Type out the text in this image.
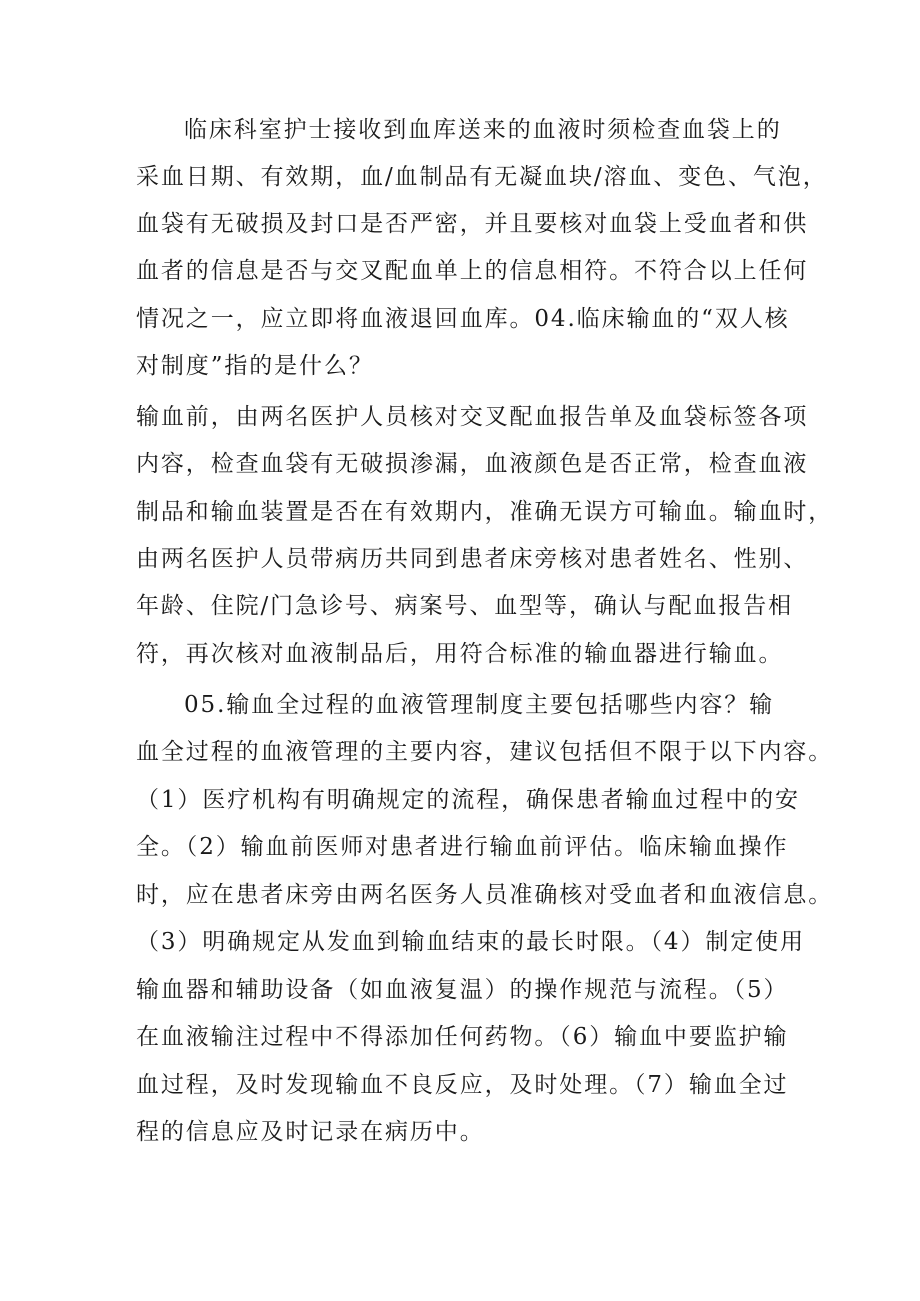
临床科室护士接收到血库送来的血液时须检查血袋上的
采血日期、有效期，血/血制品有无凝血块/溶血、变色、气泡，
血袋有无破损及封口是否严密，并且要核对血袋上受血者和供
血者的信息是否与交叉配血单上的信息相符。不符合以上任何
情况之一，应立即将血液退回血库。04.临床输血的“双人核
对制度”指的是什么？
输血前，由两名医护人员核对交叉配血报告单及血袋标签各项
内容，检查血袋有无破损渗漏，血液颜色是否正常，检查血液
制品和输血装置是否在有效期内，准确无误方可输血。输血时，
由两名医护人员带病历共同到患者床旁核对患者姓名、性别、
年龄、住院/门急诊号、病案号、血型等，确认与配血报告相
符，再次核对血液制品后，用符合标准的输血器进行输血。
05.输血全过程的血液管理制度主要包括哪些内容？输
血全过程的血液管理的主要内容，建议包括但不限于以下内容。
（1）医疗机构有明确规定的流程，确保患者输血过程中的安
全。（2）输血前医师对患者进行输血前评估。临床输血操作
时，应在患者床旁由两名医务人员准确核对受血者和血液信息。
（3）明确规定从发血到输血结束的最长时限。（4）制定使用
输血器和辅助设备（如血液复温）的操作规范与流程。（5）
在血液输注过程中不得添加任何药物。（6）输血中要监护输
血过程，及时发现输血不良反应，及时处理。（7）输血全过
程的信息应及时记录在病历中。
